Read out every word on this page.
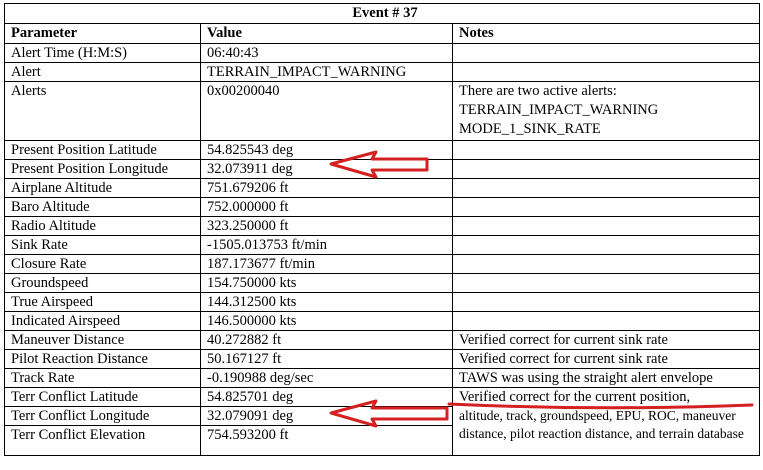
Event # 37		
Parameter	Value	Notes
Alert Time (H:M:S)	06:40:43	
Alert	TERRAIN_IMPACT_WARNING	
Alerts	0x00200040	There are two active alerts:
TERRAIN_IMPACT_WARNING
MODE_1_SINK_RATE

Present Position Latitude	54.825543 deg	
Present Position Longitude	32.073911 deg	
Airplane Altitude	751.679206 ft	
Baro Altitude	752.000000 ft	
Radio Altitude	323.250000 ft	
Sink Rate	-1505.013753 ft/min	
Closure Rate	187.173677 ft/min	
Groundspeed	154.750000 kts	
True Airspeed	144.312500 kts	
Indicated Airspeed	146.500000 kts	
Maneuver Distance	40.272882 ft	Verified correct for current sink rate
Pilot Reaction Distance	50.167127 ft	Verified correct for current sink rate
Track Rate	-0.190988 deg/sec	TAWS was using the straight alert envelope
Terr Conflict Latitude	54.825701 deg	Verified correct for the current position,
altitude, track, groundspeed, EPU, ROC, maneuver distance, pilot reaction distance, and terrain database

Terr Conflict Longitude	32.079091 deg	
Terr Conflict Elevation	754.593200 ft	
